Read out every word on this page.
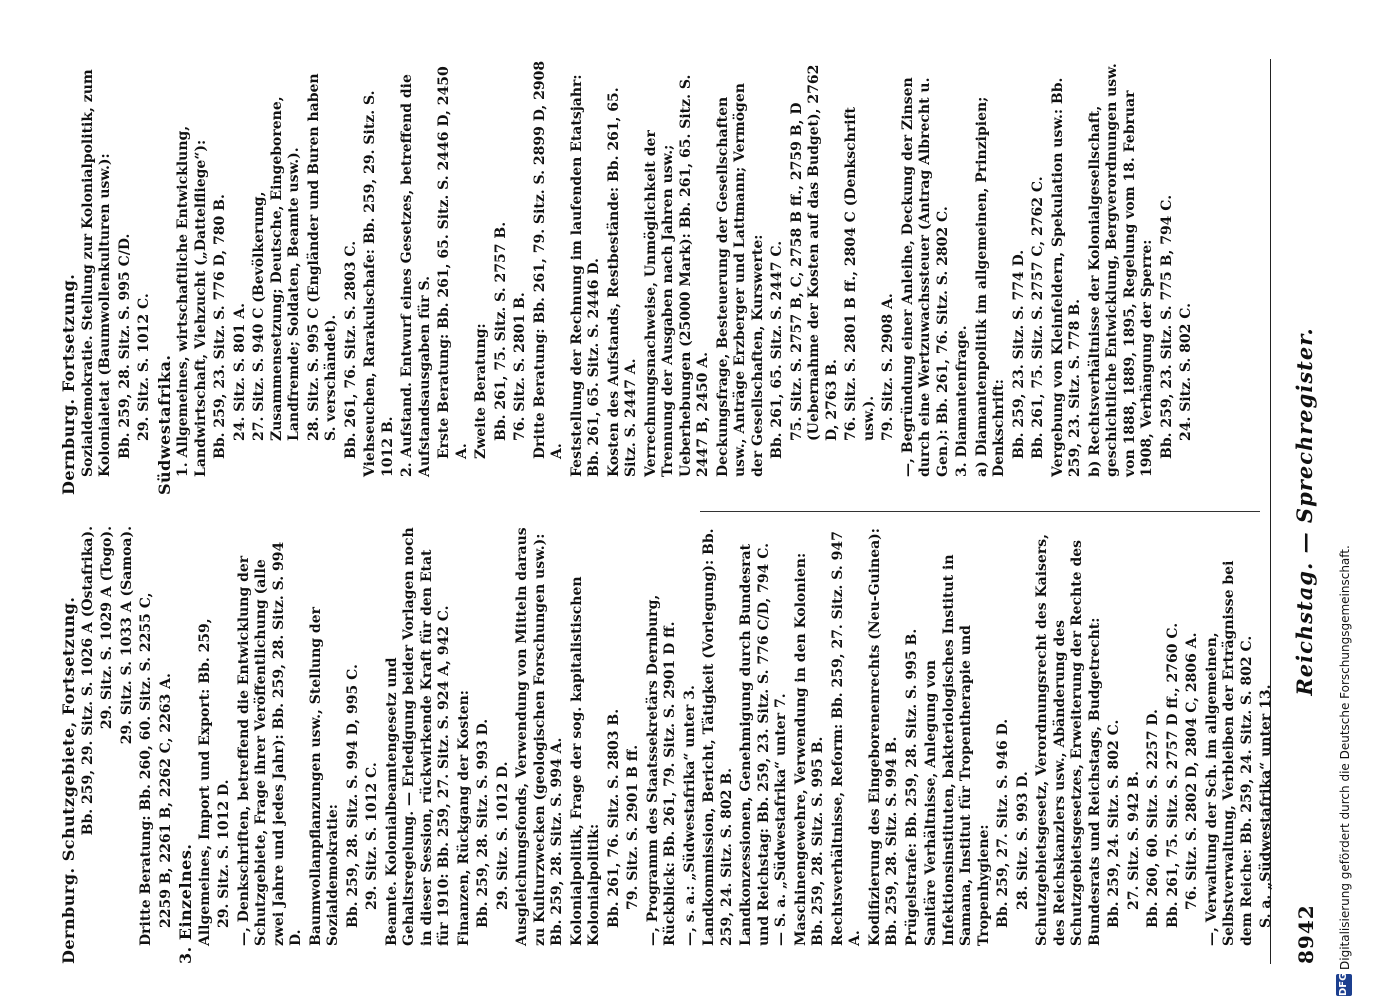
8942
Reichstag. — Sprechregister.

Dernburg. Schutzgebiete, Fortsetzung. Bb. 259, 29. Sitz. S. 1026 A (Ostafrika). 29. Sitz. S. 1029 A (Togo). 29. Sitz. S. 1033 A (Samoa). Dritte Beratung: Bb. 260, 60. Sitz. S. 2255 C, 2259 B, 2261 B, 2262 C, 2263 A. 3. Einzelnes. Allgemeines, Import und Export: Bb. 259, 29. Sitz. S. 1012 D. —, Denkschriften, betreffend die Entwicklung der Schutzgebiete, Frage ihrer Veröffentlichung (alle zwei Jahre und jedes Jahr): Bb. 259, 28. Sitz. S. 994 D. Baumwollanpflanzungen usw., Stellung der Sozialdemokratie: Bb. 259, 28. Sitz. S. 994 D, 995 C. 29. Sitz. S. 1012 C. Beamte. Kolonialbeamtengesetz und Gehaltsregelung. — Erledigung beider Vorlagen noch in dieser Session, rückwirkende Kraft für den Etat für 1910: Bb. 259, 27. Sitz. S. 924 A, 942 C. Finanzen, Rückgang der Kosten: Bb. 259, 28. Sitz. S. 993 D. 29. Sitz. S. 1012 D. Ausgleichungsfonds, Verwendung von Mitteln daraus zu Kulturzwecken (geologischen Forschungen usw.): Bb. 259, 28. Sitz. S. 994 A. Kolonialpolitik, Frage der sog. kapitalistischen Kolonialpolitik: Bb. 261, 76. Sitz. S. 2803 B. 79. Sitz. S. 2901 B ff. —, Programm des Staatssekretärs Dernburg, Rückblick: Bb. 261, 79. Sitz. S. 2901 D ff. —, s. a.: „Südwestafrika“ unter 3. Landkommission, Bericht, Tätigkeit (Vorlegung): Bb. 259, 24. Sitz. S. 802 B. Landkonzessionen, Genehmigung durch Bundesrat und Reichstag: Bb. 259, 23. Sitz. S. 776 C/D, 794 C. — S. a. „Südwestafrika“ unter 7. Maschinengewehre, Verwendung in den Kolonien: Bb. 259, 28. Sitz. S. 995 B. Rechtsverhältnisse, Reform: Bb. 259, 27. Sitz. S. 947 A. Kodifizierung des Eingeborenenrechts (Neu-Guinea): Bb. 259, 28. Sitz. S. 994 B. Prügelstrafe: Bb. 259, 28. Sitz. S. 995 B. Sanitäre Verhältnisse, Anlegung von Infektionsinstituten, bakteriologisches Institut in Samana, Institut für Tropentherapie und Tropenhygiene: Bb. 259, 27. Sitz. S. 946 D. 28. Sitz. S. 993 D. Schutzgebietsgesetz, Verordnungsrecht des Kaisers, des Reichskanzlers usw., Abänderung des Schutzgebietsgesetzes, Erweiterung der Rechte des Bundesrats und Reichstags, Budgetrecht: Bb. 259, 24. Sitz. S. 802 C. 27. Sitz. S. 942 B. Bb. 260, 60. Sitz. S. 2257 D. Bb. 261, 75. Sitz. S. 2757 D ff., 2760 C. 76. Sitz. S. 2802 D, 2804 C, 2806 A. —, Verwaltung der Sch. im allgemeinen, Selbstverwaltung, Verbleiben der Erträgnisse bei dem Reiche: Bb. 259, 24. Sitz. S. 802 C. S. a. „Südwestafrika“ unter 13.

Dernburg. Fortsetzung. Sozialdemokratie. Stellung zur Kolonialpolitik, zum Kolonialetat (Baumwollenkulturen usw.): Bb. 259, 28. Sitz. S. 995 C/D. 29. Sitz. S. 1012 C. Südwestafrika. 1. Allgemeines, wirtschaftliche Entwicklung, Landwirtschaft, Viehzucht („Dattelfliege“): Bb. 259, 23. Sitz. S. 776 D, 780 B. 24. Sitz. S. 801 A. 27. Sitz. S. 940 C (Bevölkerung, Zusammensetzung; Deutsche, Eingeborene, Landfremde; Soldaten, Beamte usw.). 28. Sitz. S. 995 C (Engländer und Buren haben S. verschändet). Bb. 261, 76. Sitz. S. 2803 C. Viehseuchen, Rarakulschafe: Bb. 259, 29. Sitz. S. 1012 B. 2. Aufstand. Entwurf eines Gesetzes, betreffend die Aufstandsausgaben für S. Erste Beratung: Bb. 261, 65. Sitz. S. 2446 D, 2450 A. Zweite Beratung: Bb. 261, 75. Sitz. S. 2757 B. 76. Sitz. S. 2801 B. Dritte Beratung: Bb. 261, 79. Sitz. S. 2899 D, 2908 A. Feststellung der Rechnung im laufenden Etatsjahr: Bb. 261, 65. Sitz. S. 2446 D. Kosten des Aufstands, Restbestände: Bb. 261, 65. Sitz. S. 2447 A. Verrechnungsnachweise, Unmöglichkeit der Trennung der Ausgaben nach Jahren usw.; Ueberhebungen (25000 Mark): Bb. 261, 65. Sitz. S. 2447 B, 2450 A. Deckungsfrage, Besteuerung der Gesellschaften usw., Anträge Erzberger und Lattmann; Vermögen der Gesellschaften, Kurswerte: Bb. 261, 65. Sitz. S. 2447 C. 75. Sitz. S. 2757 B, C, 2758 B ff., 2759 B, D (Uebernahme der Kosten auf das Budget), 2762 D, 2763 B. 76. Sitz. S. 2801 B ff., 2804 C (Denkschrift usw.). 79. Sitz. S. 2908 A. —, Begründung einer Anleihe, Deckung der Zinsen durch eine Wertzuwachssteuer (Antrag Albrecht u. Gen.): Bb. 261, 76. Sitz. S. 2802 C. 3. Diamantenfrage. a) Diamantenpolitik im allgemeinen, Prinzipien; Denkschrift: Bb. 259, 23. Sitz. S. 774 D. Bb. 261, 75. Sitz. S. 2757 C, 2762 C. Vergebung von Kleinfeldern, Spekulation usw.: Bb. 259, 23. Sitz. S. 778 B. b) Rechtsverhältnisse der Kolonialgesellschaft, geschichtliche Entwicklung, Bergverordnungen usw. von 1888, 1889, 1895, Regelung vom 18. Februar 1908, Verhängung der Sperre: Bb. 259, 23. Sitz. S. 775 B, 794 C. 24. Sitz. S. 802 C.

DFG
Digitalisierung gefördert durch die Deutsche Forschungsgemeinschaft.
